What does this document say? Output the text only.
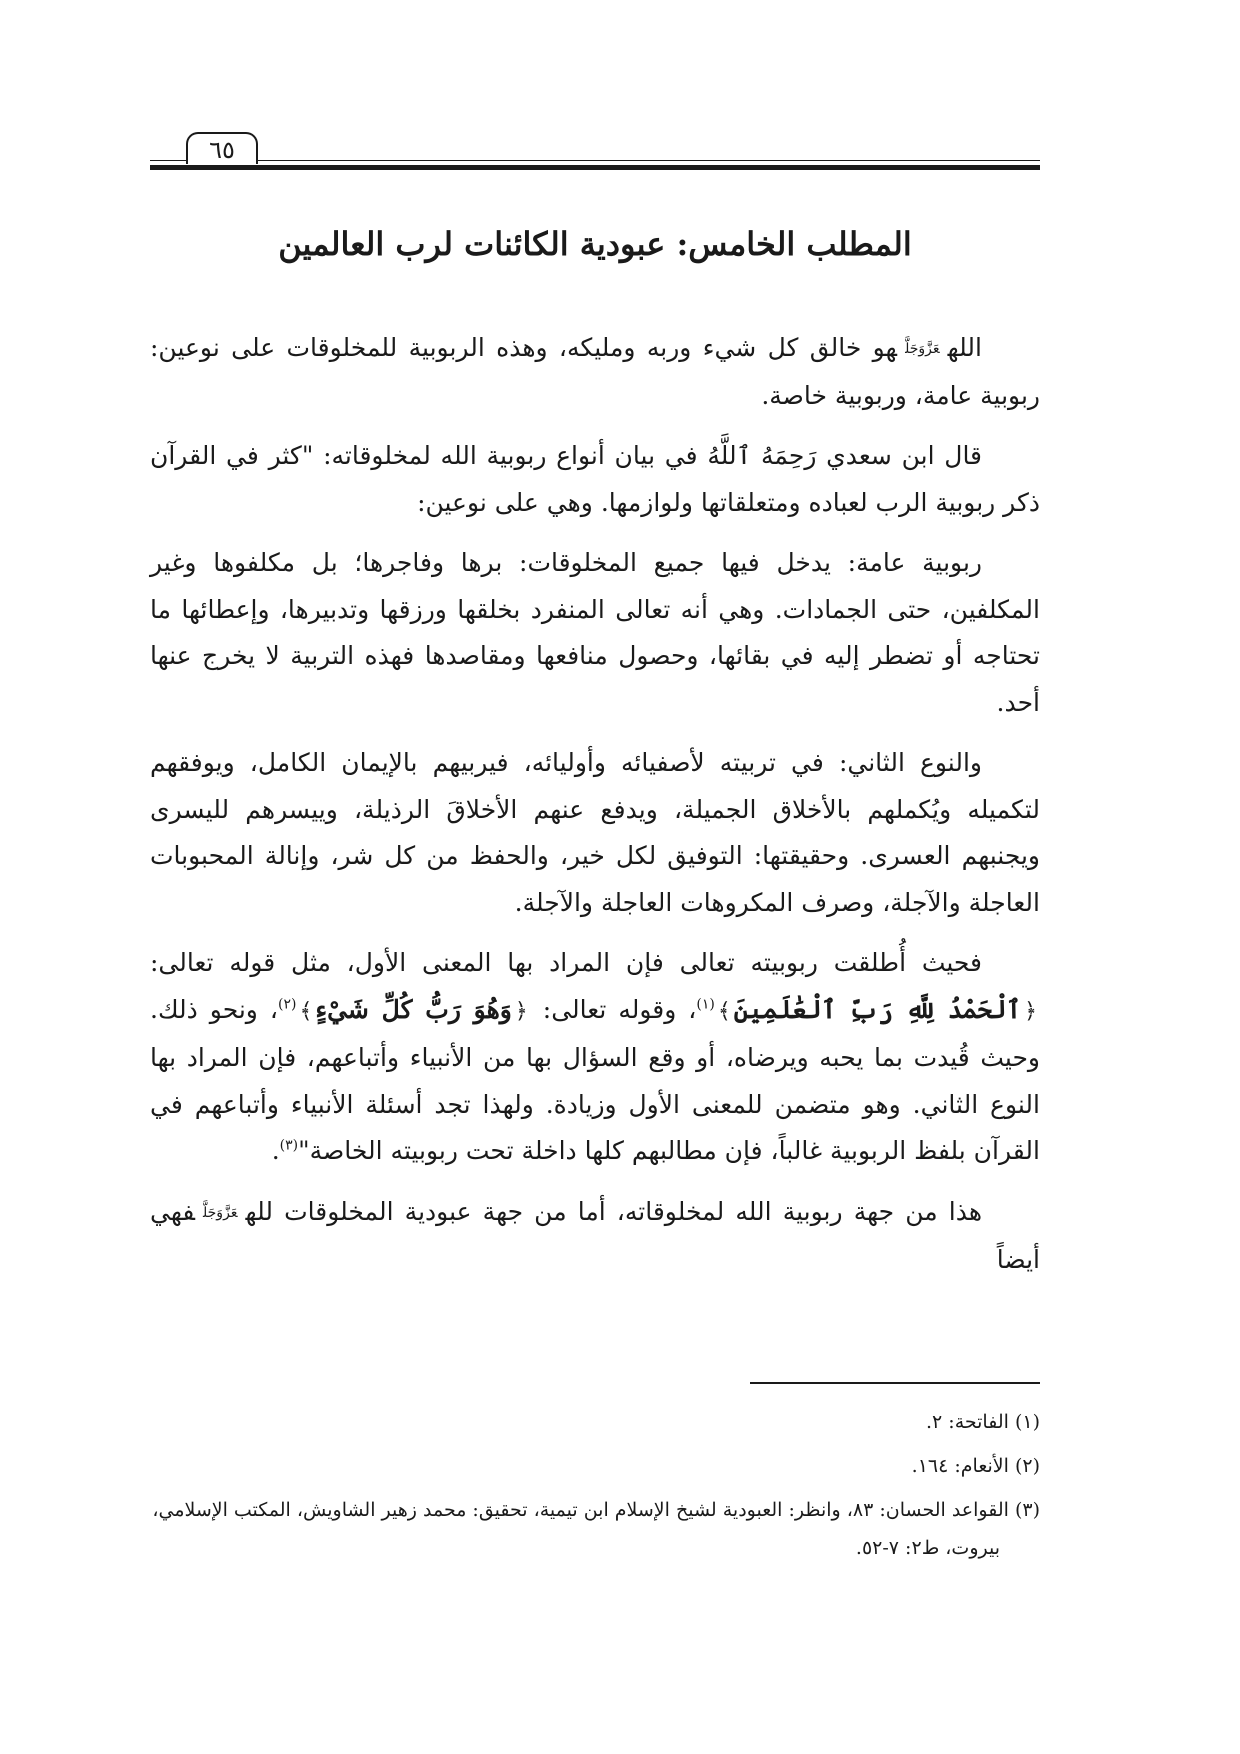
٦٥
المطلب الخامس: عبودية الكائنات لرب العالمين

اللهعَزَّوَجَلَّهو خالق كل شيء وربه ومليكه، وهذه الربوبية للمخلوقات على نوعين: ربوبية عامة، وربوبية خاصة.

قال ابن سعدي رَحِمَهُ ٱللَّهُ في بيان أنواع ربوبية الله لمخلوقاته: "كثر في القرآن ذكر ربوبية الرب لعباده ومتعلقاتها ولوازمها. وهي على نوعين:

ربوبية عامة: يدخل فيها جميع المخلوقات: برها وفاجرها؛ بل مكلفوها وغير المكلفين، حتى الجمادات. وهي أنه تعالى المنفرد بخلقها ورزقها وتدبيرها، وإعطائها ما تحتاجه أو تضطر إليه في بقائها، وحصول منافعها ومقاصدها فهذه التربية لا يخرج عنها أحد.

والنوع الثاني: في تربيته لأصفيائه وأوليائه، فيربيهم بالإيمان الكامل، ويوفقهم لتكميله ويُكملهم بالأخلاق الجميلة، ويدفع عنهم الأخلاقَ الرذيلة، وييسرهم لليسرى ويجنبهم العسرى. وحقيقتها: التوفيق لكل خير، والحفظ من كل شر، وإنالة المحبوبات العاجلة والآجلة، وصرف المكروهات العاجلة والآجلة.

فحيث أُطلقت ربوبيته تعالى فإن المراد بها المعنى الأول، مثل قوله تعالى: ﴿ٱلْحَمْدُ لِلَّهِ رَبِّ ٱلْعَٰلَمِينَ﴾$^{(١)}$، وقوله تعالى: ﴿وَهُوَ رَبُّ كُلِّ شَيْءٍ﴾$^{(٢)}$، ونحو ذلك. وحيث قُيدت بما يحبه ويرضاه، أو وقع السؤال بها من الأنبياء وأتباعهم، فإن المراد بها النوع الثاني. وهو متضمن للمعنى الأول وزيادة. ولهذا تجد أسئلة الأنبياء وأتباعهم في القرآن بلفظ الربوبية غالباً، فإن مطالبهم كلها داخلة تحت ربوبيته الخاصة"$^{(٣)}$.

هذا من جهة ربوبية الله لمخلوقاته، أما من جهة عبودية المخلوقات للهعَزَّوَجَلَّفهي أيضاً

(١) الفاتحة: ٢.

(٢) الأنعام: ١٦٤.

(٣) القواعد الحسان: ٨٣، وانظر: العبودية لشيخ الإسلام ابن تيمية، تحقيق: محمد زهير الشاويش، المكتب الإسلامي،
بيروت، ط٢: ٧-٥٢.
